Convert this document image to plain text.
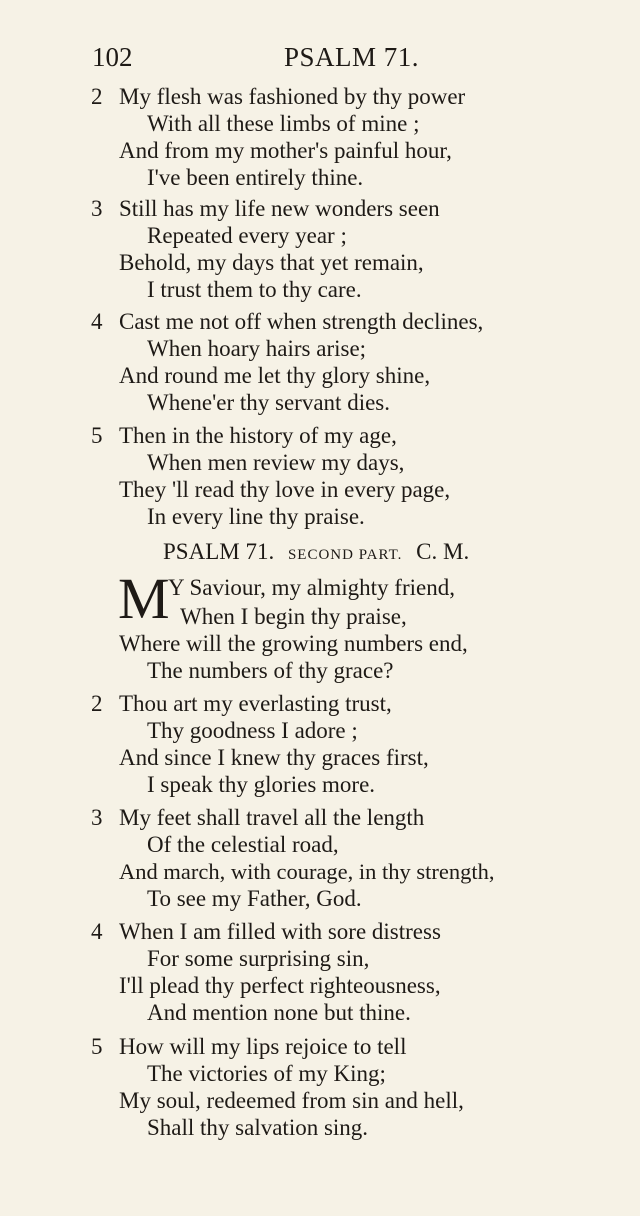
102	PSALM 71.
2 My flesh was fashioned by thy power
With all these limbs of mine ;
And from my mother's painful hour,
I've been entirely thine.
3 Still has my life new wonders seen
Repeated every year ;
Behold, my days that yet remain,
I trust them to thy care.
4 Cast me not off when strength declines,
When hoary hairs arise;
And round me let thy glory shine,
Whene'er thy servant dies.
5 Then in the history of my age,
When men review my days,
They 'll read thy love in every page,
In every line thy praise.
PSALM 71. SECOND PART. C. M.
M
Y Saviour, my almighty friend,
When I begin thy praise,
Where will the growing numbers end,
The numbers of thy grace?
2 Thou art my everlasting trust,
Thy goodness I adore ;
And since I knew thy graces first,
I speak thy glories more.
3 My feet shall travel all the length
Of the celestial road,
And march, with courage, in thy strength,
To see my Father, God.
4 When I am filled with sore distress
For some surprising sin,
I'll plead thy perfect righteousness,
And mention none but thine.
5 How will my lips rejoice to tell
The victories of my King;
My soul, redeemed from sin and hell,
Shall thy salvation sing.
